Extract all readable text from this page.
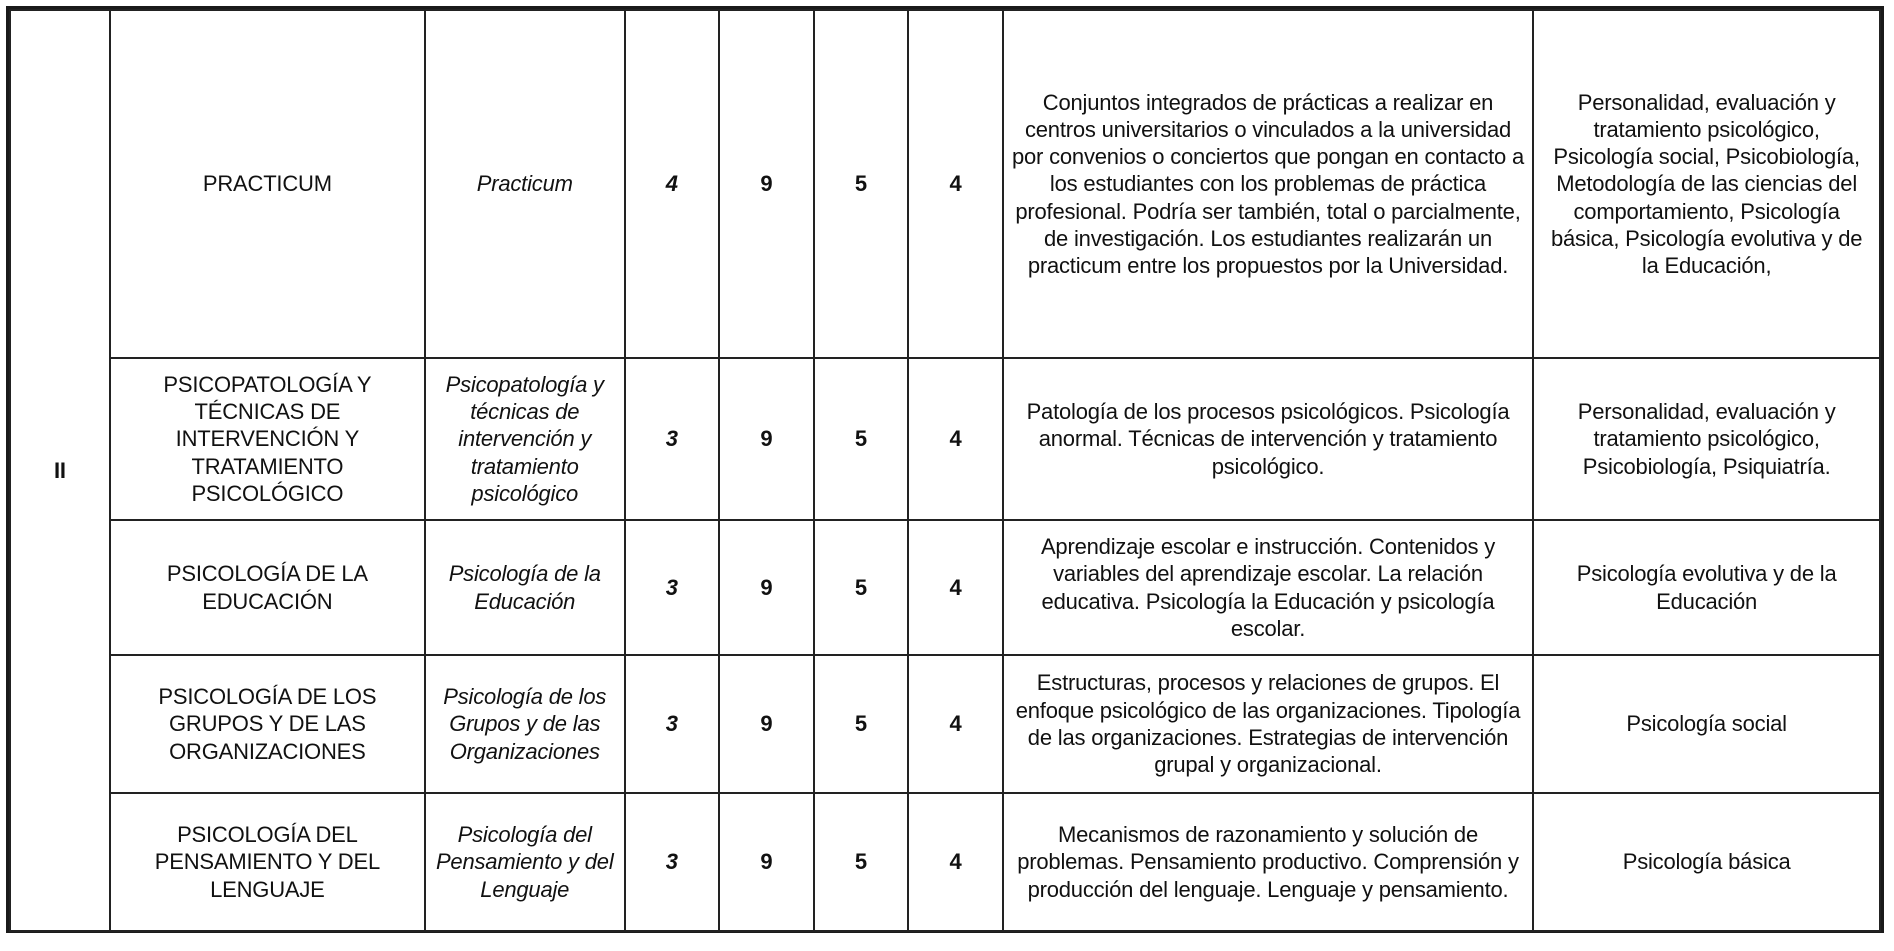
II	PRACTICUM	Practicum	4	9	5	4	Conjuntos integrados de prácticas a realizar en centros universitarios o vinculados a la universidad por convenios o conciertos que pongan en contacto a los estudiantes con los problemas de práctica profesional. Podría ser también, total o parcialmente, de investigación. Los estudiantes realizarán un practicum entre los propuestos por la Universidad.	Personalidad, evaluación y tratamiento psicológico, Psicología social, Psicobiología, Metodología de las ciencias del comportamiento, Psicología básica, Psicología evolutiva y de la Educación,
	PSICOPATOLOGÍA Y TÉCNICAS DE INTERVENCIÓN Y TRATAMIENTO PSICOLÓGICO	Psicopatología y técnicas de intervención y tratamiento psicológico	3	9	5	4	Patología de los procesos psicológicos. Psicología anormal. Técnicas de intervención y tratamiento psicológico.	Personalidad, evaluación y tratamiento psicológico, Psicobiología, Psiquiatría.
	PSICOLOGÍA DE LA EDUCACIÓN	Psicología de la Educación	3	9	5	4	Aprendizaje escolar e instrucción. Contenidos y variables del aprendizaje escolar. La relación educativa. Psicología la Educación y psicología escolar.	Psicología evolutiva y de la Educación
	PSICOLOGÍA DE LOS GRUPOS Y DE LAS ORGANIZACIONES	Psicología de los Grupos y de las Organizaciones	3	9	5	4	Estructuras, procesos y relaciones de grupos. El enfoque psicológico de las organizaciones. Tipología de las organizaciones. Estrategias de intervención grupal y organizacional.	Psicología social
	PSICOLOGÍA DEL PENSAMIENTO Y DEL LENGUAJE	Psicología del Pensamiento y del Lenguaje	3	9	5	4	Mecanismos de razonamiento y solución de problemas. Pensamiento productivo. Comprensión y producción del lenguaje. Lenguaje y pensamiento.	Psicología básica
